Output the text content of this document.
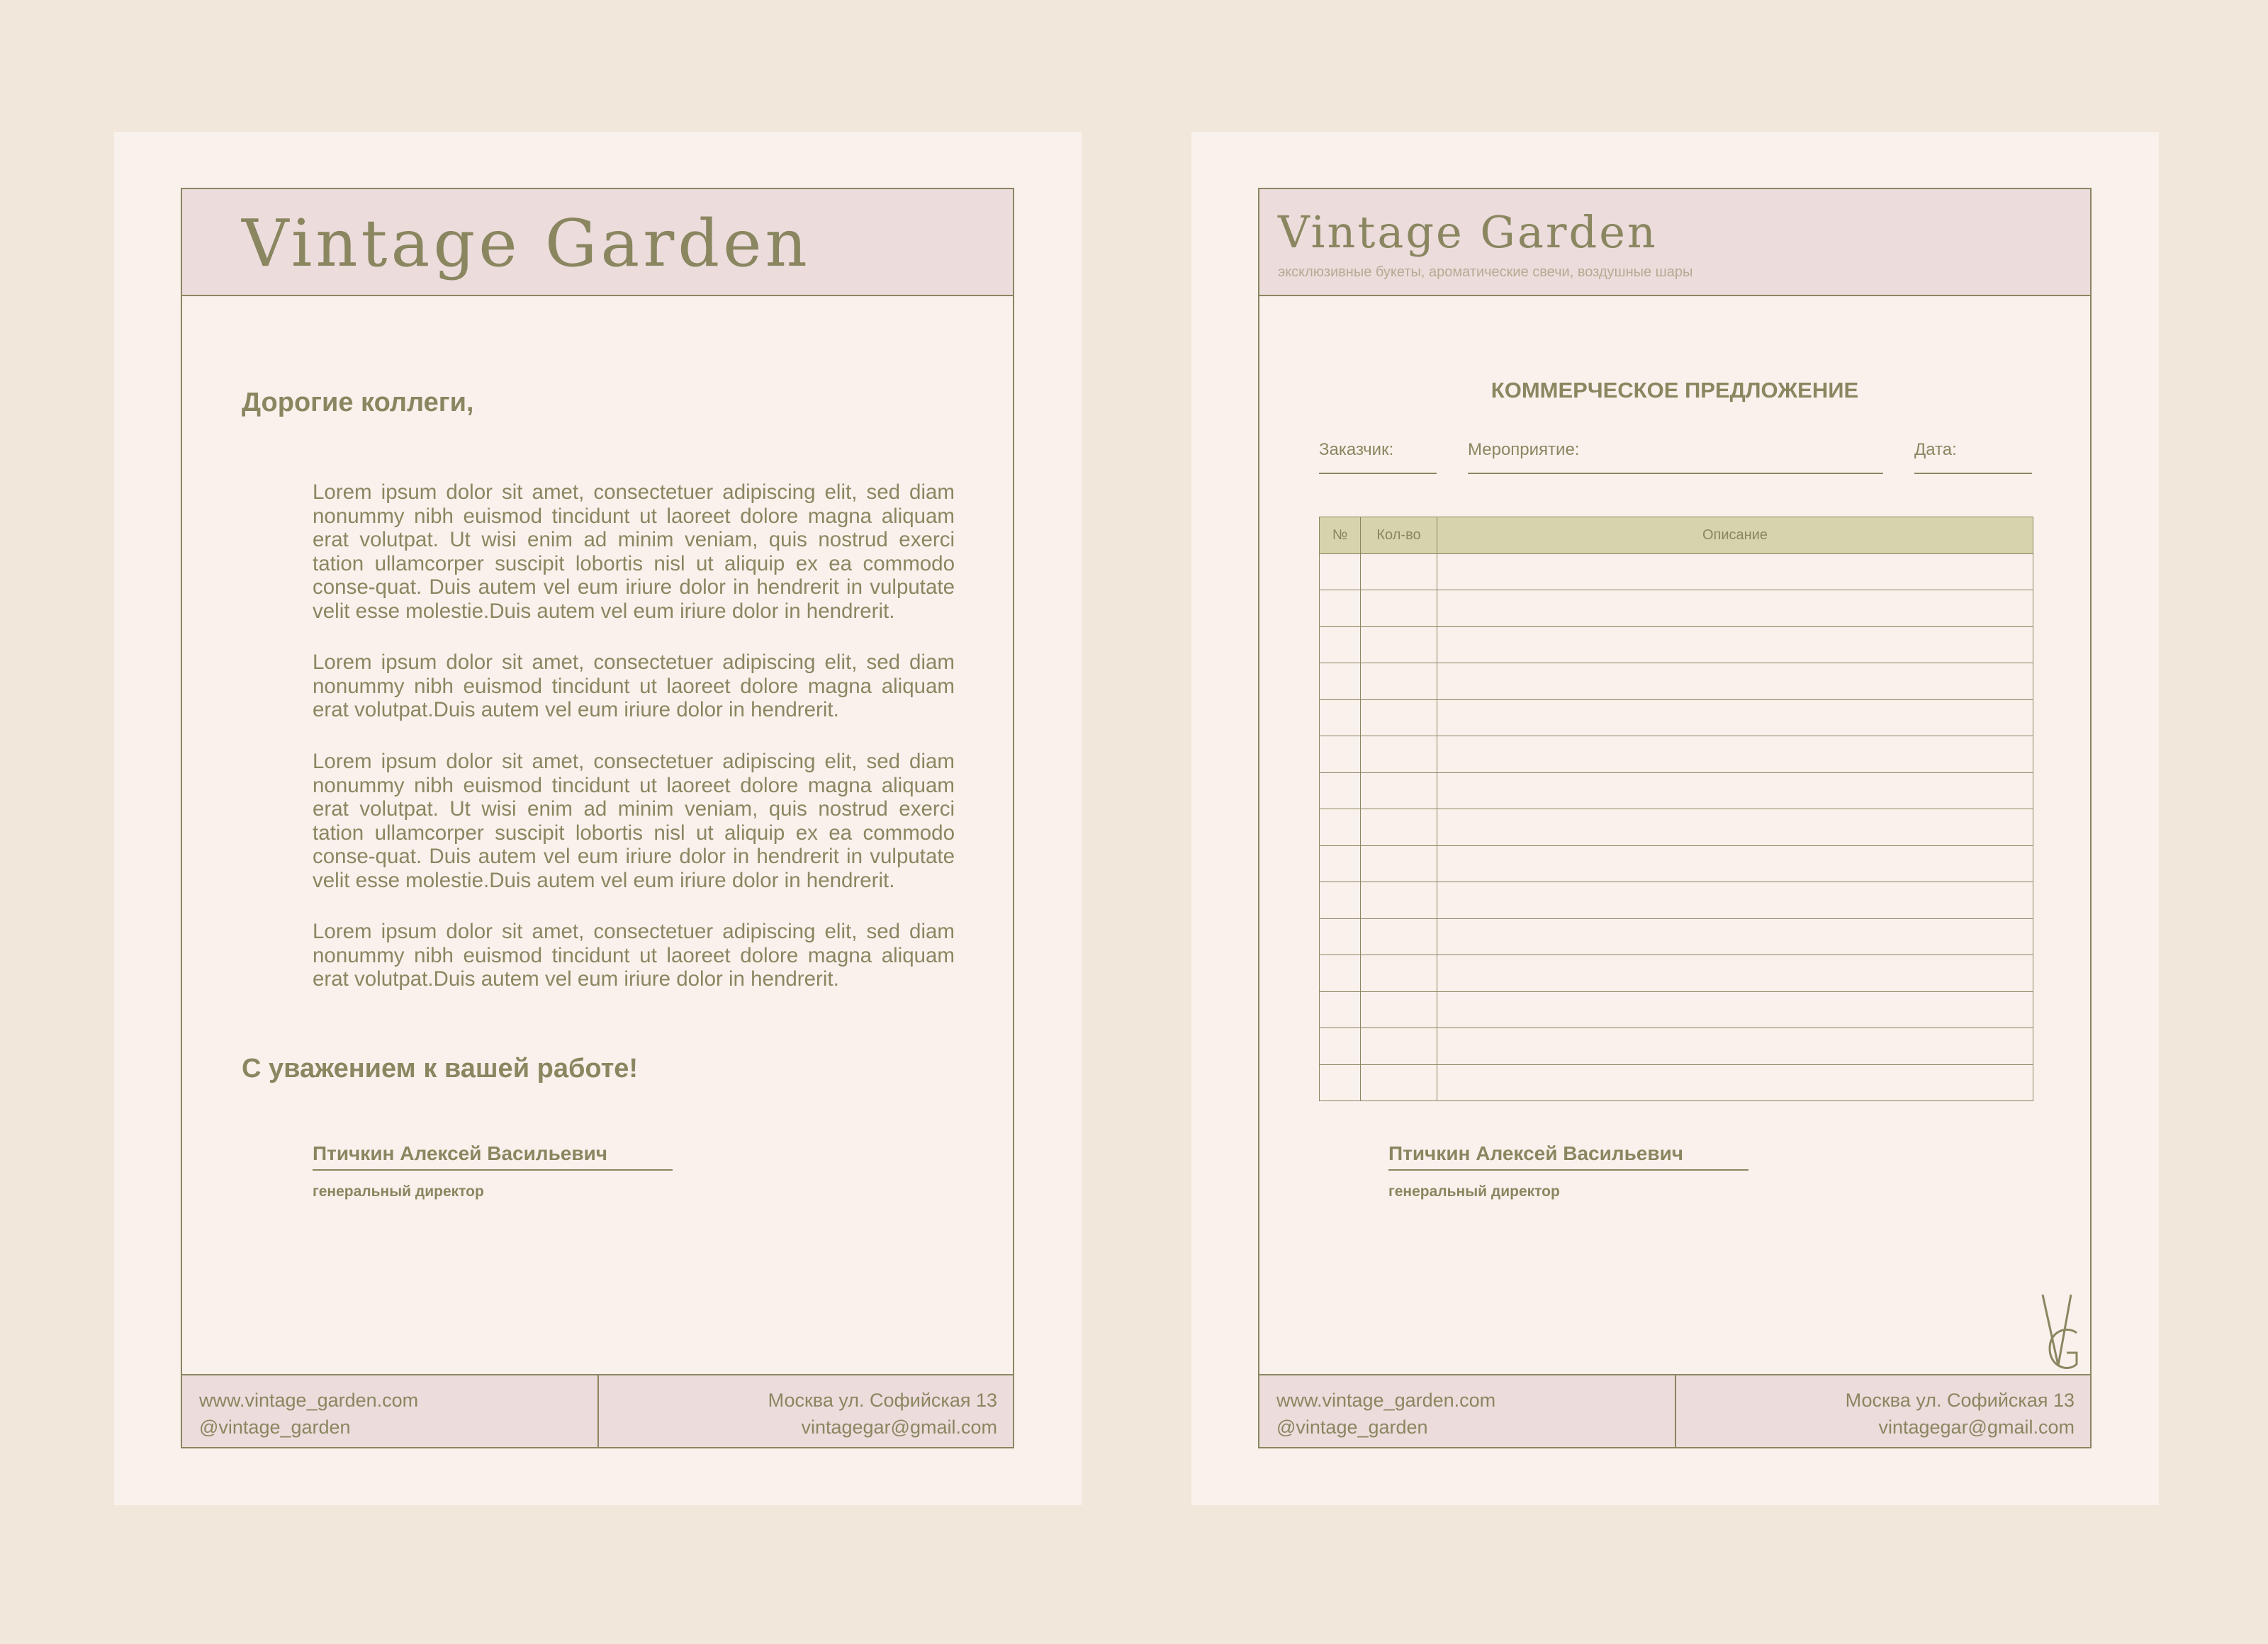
Vintage Garden
Дорогие коллеги,

Lorem ipsum dolor sit amet, consectetuer adipiscing elit, sed diam nonummy nibh euismod tincidunt ut laoreet dolore magna aliquam erat volutpat. Ut wisi enim ad minim veniam, quis nostrud exerci tation ullamcorper suscipit lobortis nisl ut aliquip ex ea commodo conse-quat. Duis autem vel eum iriure dolor in hendrerit in vulputate velit esse molestie.Duis autem vel eum iriure dolor in hendrerit.

Lorem ipsum dolor sit amet, consectetuer adipiscing elit, sed diam nonummy nibh euismod tincidunt ut laoreet dolore magna aliquam erat volutpat.Duis autem vel eum iriure dolor in hendrerit.

Lorem ipsum dolor sit amet, consectetuer adipiscing elit, sed diam nonummy nibh euismod tincidunt ut laoreet dolore magna aliquam erat volutpat. Ut wisi enim ad minim veniam, quis nostrud exerci tation ullamcorper suscipit lobortis nisl ut aliquip ex ea commodo conse-quat. Duis autem vel eum iriure dolor in hendrerit in vulputate velit esse molestie.Duis autem vel eum iriure dolor in hendrerit.

Lorem ipsum dolor sit amet, consectetuer adipiscing elit, sed diam nonummy nibh euismod tincidunt ut laoreet dolore magna aliquam erat volutpat.Duis autem vel eum iriure dolor in hendrerit.

С уважением к вашей работе!
Птичкин Алексей Васильевич
генеральный директор
www.vintage_garden.com
@vintage_garden
Москва ул. Софийская 13
vintagegar@gmail.com
Vintage Garden
эксклюзивные букеты, ароматические свечи, воздушные шары
КОММЕРЧЕСКОЕ ПРЕДЛОЖЕНИЕ
Заказчик:	Мероприятие:	Дата:
№	Кол-во	Описание

Птичкин Алексей Васильевич
генеральный директор
www.vintage_garden.com
@vintage_garden
Москва ул. Софийская 13
vintagegar@gmail.com
